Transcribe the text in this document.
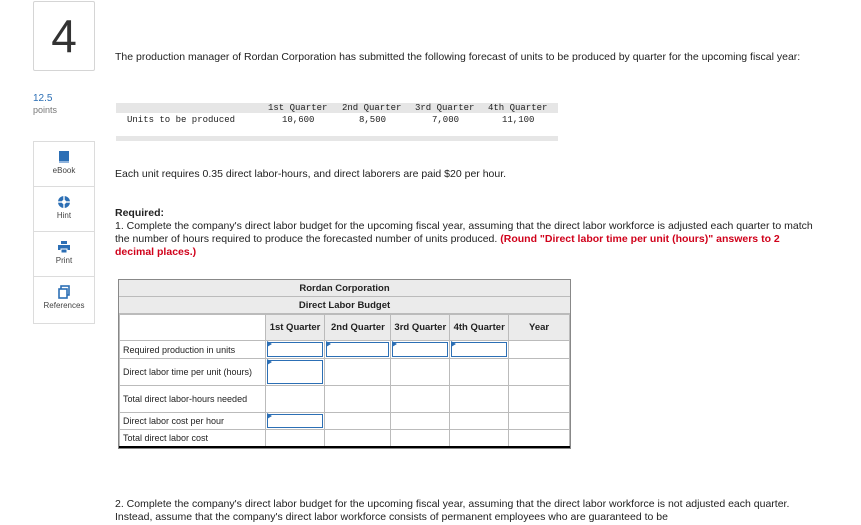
4
12.5
points
eBook
Hint
Print
References
The production manager of Rordan Corporation has submitted the following forecast of units to be produced by quarter for the upcoming fiscal year:
1st Quarter 2nd Quarter 3rd Quarter 4th Quarter
Units to be produced	10,600	8,500	7,000	11,100
Each unit requires 0.35 direct labor-hours, and direct laborers are paid $20 per hour.
Required:
1. Complete the company's direct labor budget for the upcoming fiscal year, assuming that the direct labor workforce is adjusted each quarter to match the number of hours required to produce the forecasted number of units produced. (Round "Direct labor time per unit (hours)" answers to 2 decimal places.)
Rordan Corporation
Direct Labor Budget
	1st Quarter	2nd Quarter	3rd Quarter	4th Quarter	Year
Required production in units	

Direct labor time per unit (hours)	

Total direct labor-hours needed					
Direct labor cost per hour	

Total direct labor cost					
2. Complete the company's direct labor budget for the upcoming fiscal year, assuming that the direct labor workforce is not adjusted each quarter. Instead, assume that the company's direct labor workforce consists of permanent employees who are guaranteed to be
